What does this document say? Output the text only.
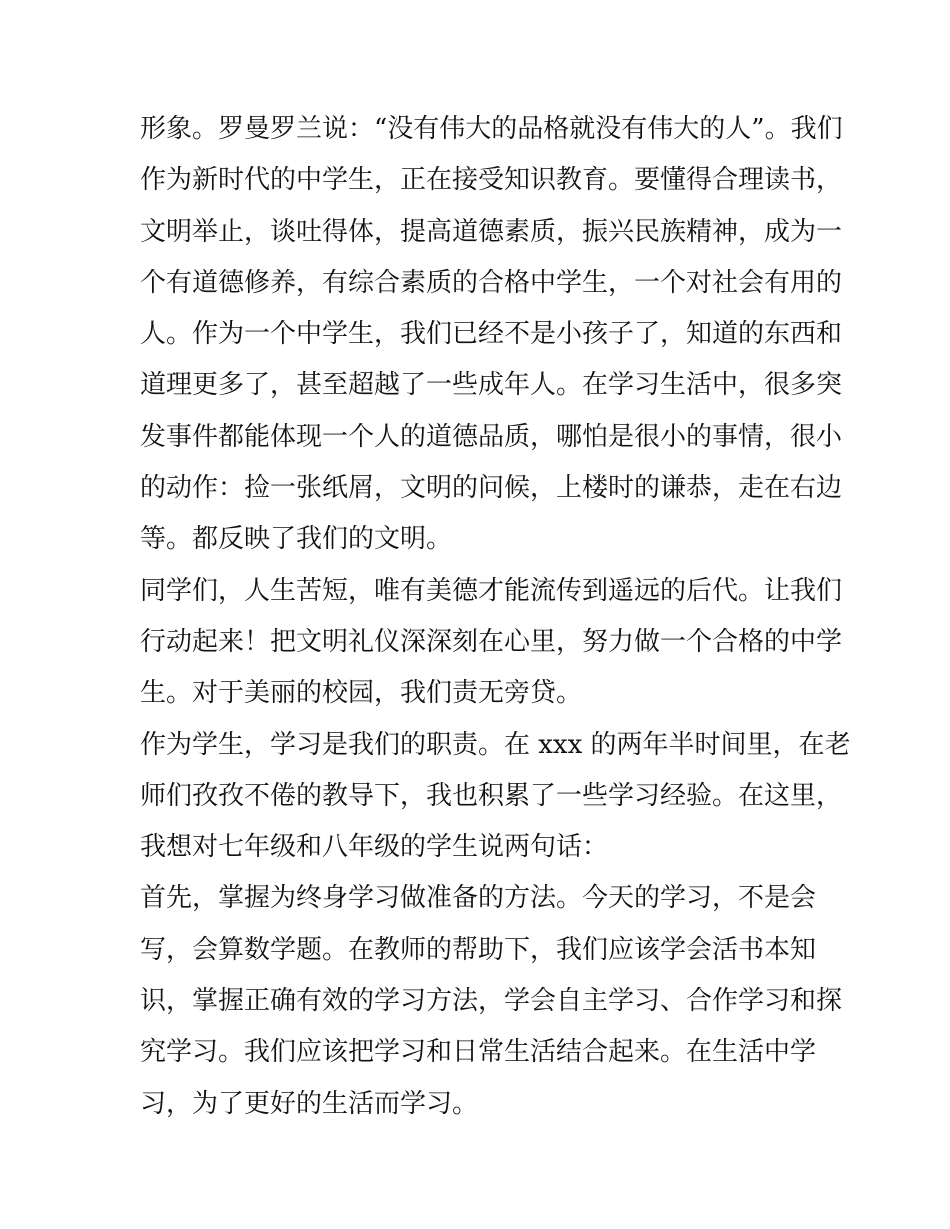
形象。罗曼罗兰说：“没有伟大的品格就没有伟大的人”。我们
作为新时代的中学生，正在接受知识教育。要懂得合理读书，
文明举止，谈吐得体，提高道德素质，振兴民族精神，成为一
个有道德修养，有综合素质的合格中学生，一个对社会有用的
人。作为一个中学生，我们已经不是小孩子了，知道的东西和
道理更多了，甚至超越了一些成年人。在学习生活中，很多突
发事件都能体现一个人的道德品质，哪怕是很小的事情，很小
的动作：捡一张纸屑，文明的问候，上楼时的谦恭，走在右边
等。都反映了我们的文明。
同学们，人生苦短，唯有美德才能流传到遥远的后代。让我们
行动起来！把文明礼仪深深刻在心里，努力做一个合格的中学
生。对于美丽的校园，我们责无旁贷。
作为学生，学习是我们的职责。在 xxx 的两年半时间里，在老
师们孜孜不倦的教导下，我也积累了一些学习经验。在这里，
我想对七年级和八年级的学生说两句话：
首先，掌握为终身学习做准备的方法。今天的学习，不是会
写，会算数学题。在教师的帮助下，我们应该学会活书本知
识，掌握正确有效的学习方法，学会自主学习、合作学习和探
究学习。我们应该把学习和日常生活结合起来。在生活中学
习，为了更好的生活而学习。
